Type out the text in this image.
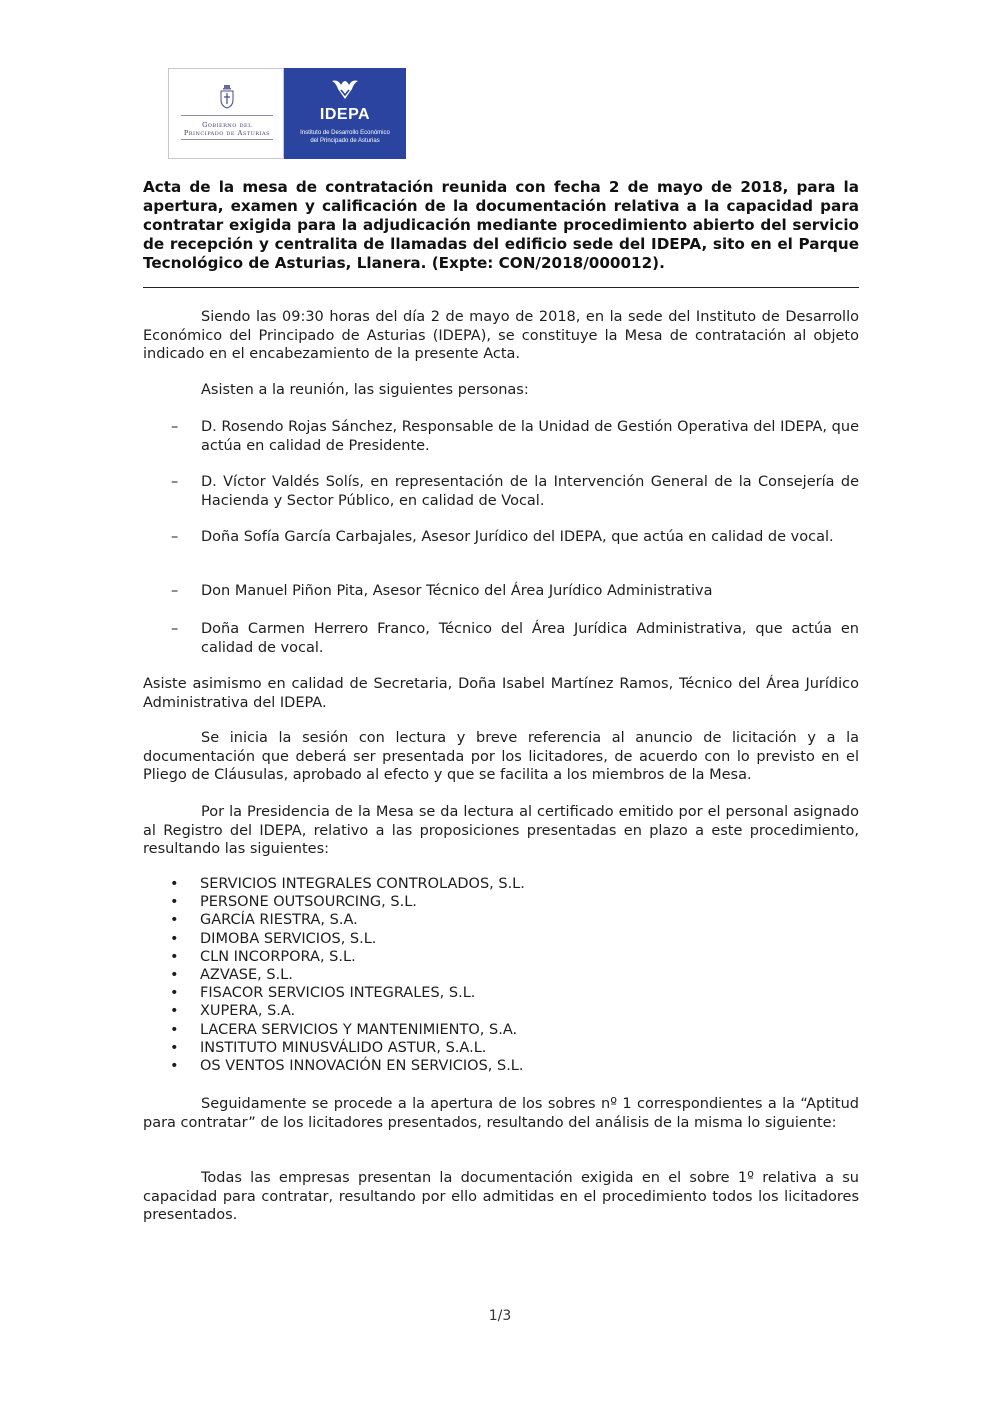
Gobierno del
Principado de Asturias
IDEPA
Instituto de Desarrollo Económico
del Principado de Asturias
Acta de la mesa de contratación reunida con fecha 2 de mayo de 2018, para la apertura, examen y calificación de la documentación relativa a la capacidad para contratar exigida para la adjudicación mediante procedimiento abierto del servicio de recepción y centralita de llamadas del edificio sede del IDEPA, sito en el Parque Tecnológico de Asturias, Llanera. (Expte: CON/2018/000012).
Siendo las 09:30 horas del día 2 de mayo de 2018, en la sede del Instituto de Desarrollo Económico del Principado de Asturias (IDEPA), se constituye la Mesa de contratación al objeto indicado en el encabezamiento de la presente Acta.
Asisten a la reunión, las siguientes personas:
– D. Rosendo Rojas Sánchez, Responsable de la Unidad de Gestión Operativa del IDEPA, que actúa en calidad de Presidente.
– D. Víctor Valdés Solís, en representación de la Intervención General de la Consejería de Hacienda y Sector Público, en calidad de Vocal.
– Doña Sofía García Carbajales, Asesor Jurídico del IDEPA, que actúa en calidad de vocal.
– Don Manuel Piñon Pita, Asesor Técnico del Área Jurídico Administrativa
– Doña Carmen Herrero Franco, Técnico del Área Jurídica Administrativa, que actúa en calidad de vocal.
Asiste asimismo en calidad de Secretaria, Doña Isabel Martínez Ramos, Técnico del Área Jurídico Administrativa del IDEPA.
Se inicia la sesión con lectura y breve referencia al anuncio de licitación y a la documentación que deberá ser presentada por los licitadores, de acuerdo con lo previsto en el Pliego de Cláusulas, aprobado al efecto y que se facilita a los miembros de la Mesa.
Por la Presidencia de la Mesa se da lectura al certificado emitido por el personal asignado al Registro del IDEPA, relativo a las proposiciones presentadas en plazo a este procedimiento, resultando las siguientes:
• SERVICIOS INTEGRALES CONTROLADOS, S.L.
• PERSONE OUTSOURCING, S.L.
• GARCÍA RIESTRA, S.A.
• DIMOBA SERVICIOS, S.L.
• CLN INCORPORA, S.L.
• AZVASE, S.L.
• FISACOR SERVICIOS INTEGRALES, S.L.
• XUPERA, S.A.
• LACERA SERVICIOS Y MANTENIMIENTO, S.A.
• INSTITUTO MINUSVÁLIDO ASTUR, S.A.L.
• OS VENTOS INNOVACIÓN EN SERVICIOS, S.L.
Seguidamente se procede a la apertura de los sobres nº 1 correspondientes a la “Aptitud para contratar” de los licitadores presentados, resultando del análisis de la misma lo siguiente:
Todas las empresas presentan la documentación exigida en el sobre 1º relativa a su capacidad para contratar, resultando por ello admitidas en el procedimiento todos los licitadores presentados.
1/3
